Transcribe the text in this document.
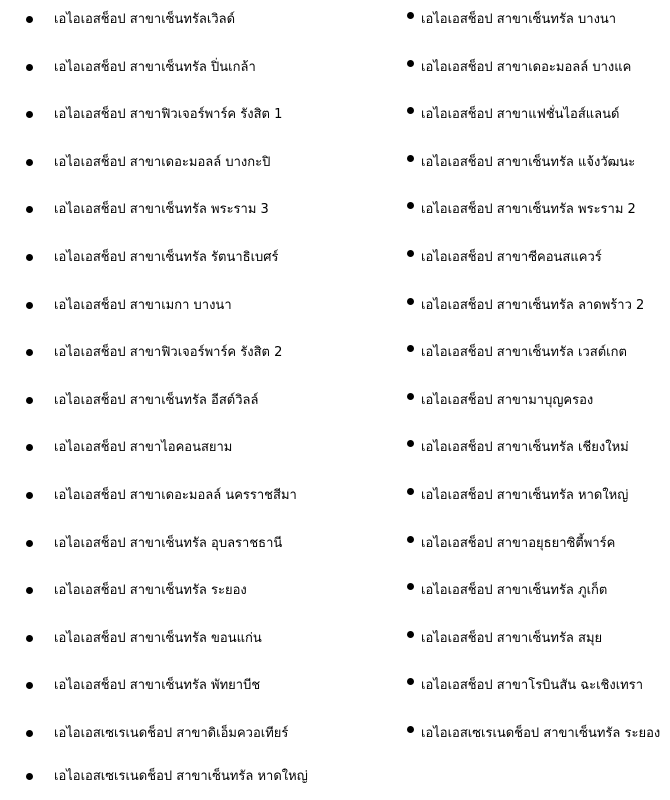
เอไอเอสช็อป สาขาเซ็นทรัลเวิลด์
เอไอเอสช็อป สาขาเซ็นทรัล ปิ่นเกล้า
เอไอเอสช็อป สาขาฟิวเจอร์พาร์ค รังสิต 1
เอไอเอสช็อป สาขาเดอะมอลล์ บางกะปิ
เอไอเอสช็อป สาขาเซ็นทรัล พระราม 3
เอไอเอสช็อป สาขาเซ็นทรัล รัตนาธิเบศร์
เอไอเอสช็อป สาขาเมกา บางนา
เอไอเอสช็อป สาขาฟิวเจอร์พาร์ค รังสิต 2
เอไอเอสช็อป สาขาเซ็นทรัล อีสต์วิลล์
เอไอเอสช็อป สาขาไอคอนสยาม
เอไอเอสช็อป สาขาเดอะมอลล์ นครราชสีมา
เอไอเอสช็อป สาขาเซ็นทรัล อุบลราชธานี
เอไอเอสช็อป สาขาเซ็นทรัล ระยอง
เอไอเอสช็อป สาขาเซ็นทรัล ขอนแก่น
เอไอเอสช็อป สาขาเซ็นทรัล พัทยาบีช
เอไอเอสเซเรเนดช็อป สาขาดิเอ็มควอเทียร์
เอไอเอสเซเรเนดช็อป สาขาเซ็นทรัล หาดใหญ่
เอไอเอสช็อป สาขาเซ็นทรัล บางนา
เอไอเอสช็อป สาขาเดอะมอลล์ บางแค
เอไอเอสช็อป สาขาแฟชั่นไอส์แลนด์
เอไอเอสช็อป สาขาเซ็นทรัล แจ้งวัฒนะ
เอไอเอสช็อป สาขาเซ็นทรัล พระราม 2
เอไอเอสช็อป สาขาซีคอนสแควร์
เอไอเอสช็อป สาขาเซ็นทรัล ลาดพร้าว 2
เอไอเอสช็อป สาขาเซ็นทรัล เวสต์เกต
เอไอเอสช็อป สาขามาบุญครอง
เอไอเอสช็อป สาขาเซ็นทรัล เชียงใหม่
เอไอเอสช็อป สาขาเซ็นทรัล หาดใหญ่
เอไอเอสช็อป สาขาอยุธยาซิตี้พาร์ค
เอไอเอสช็อป สาขาเซ็นทรัล ภูเก็ต
เอไอเอสช็อป สาขาเซ็นทรัล สมุย
เอไอเอสช็อป สาขาโรบินสัน ฉะเชิงเทรา
เอไอเอสเซเรเนดช็อป สาขาเซ็นทรัล ระยอง
